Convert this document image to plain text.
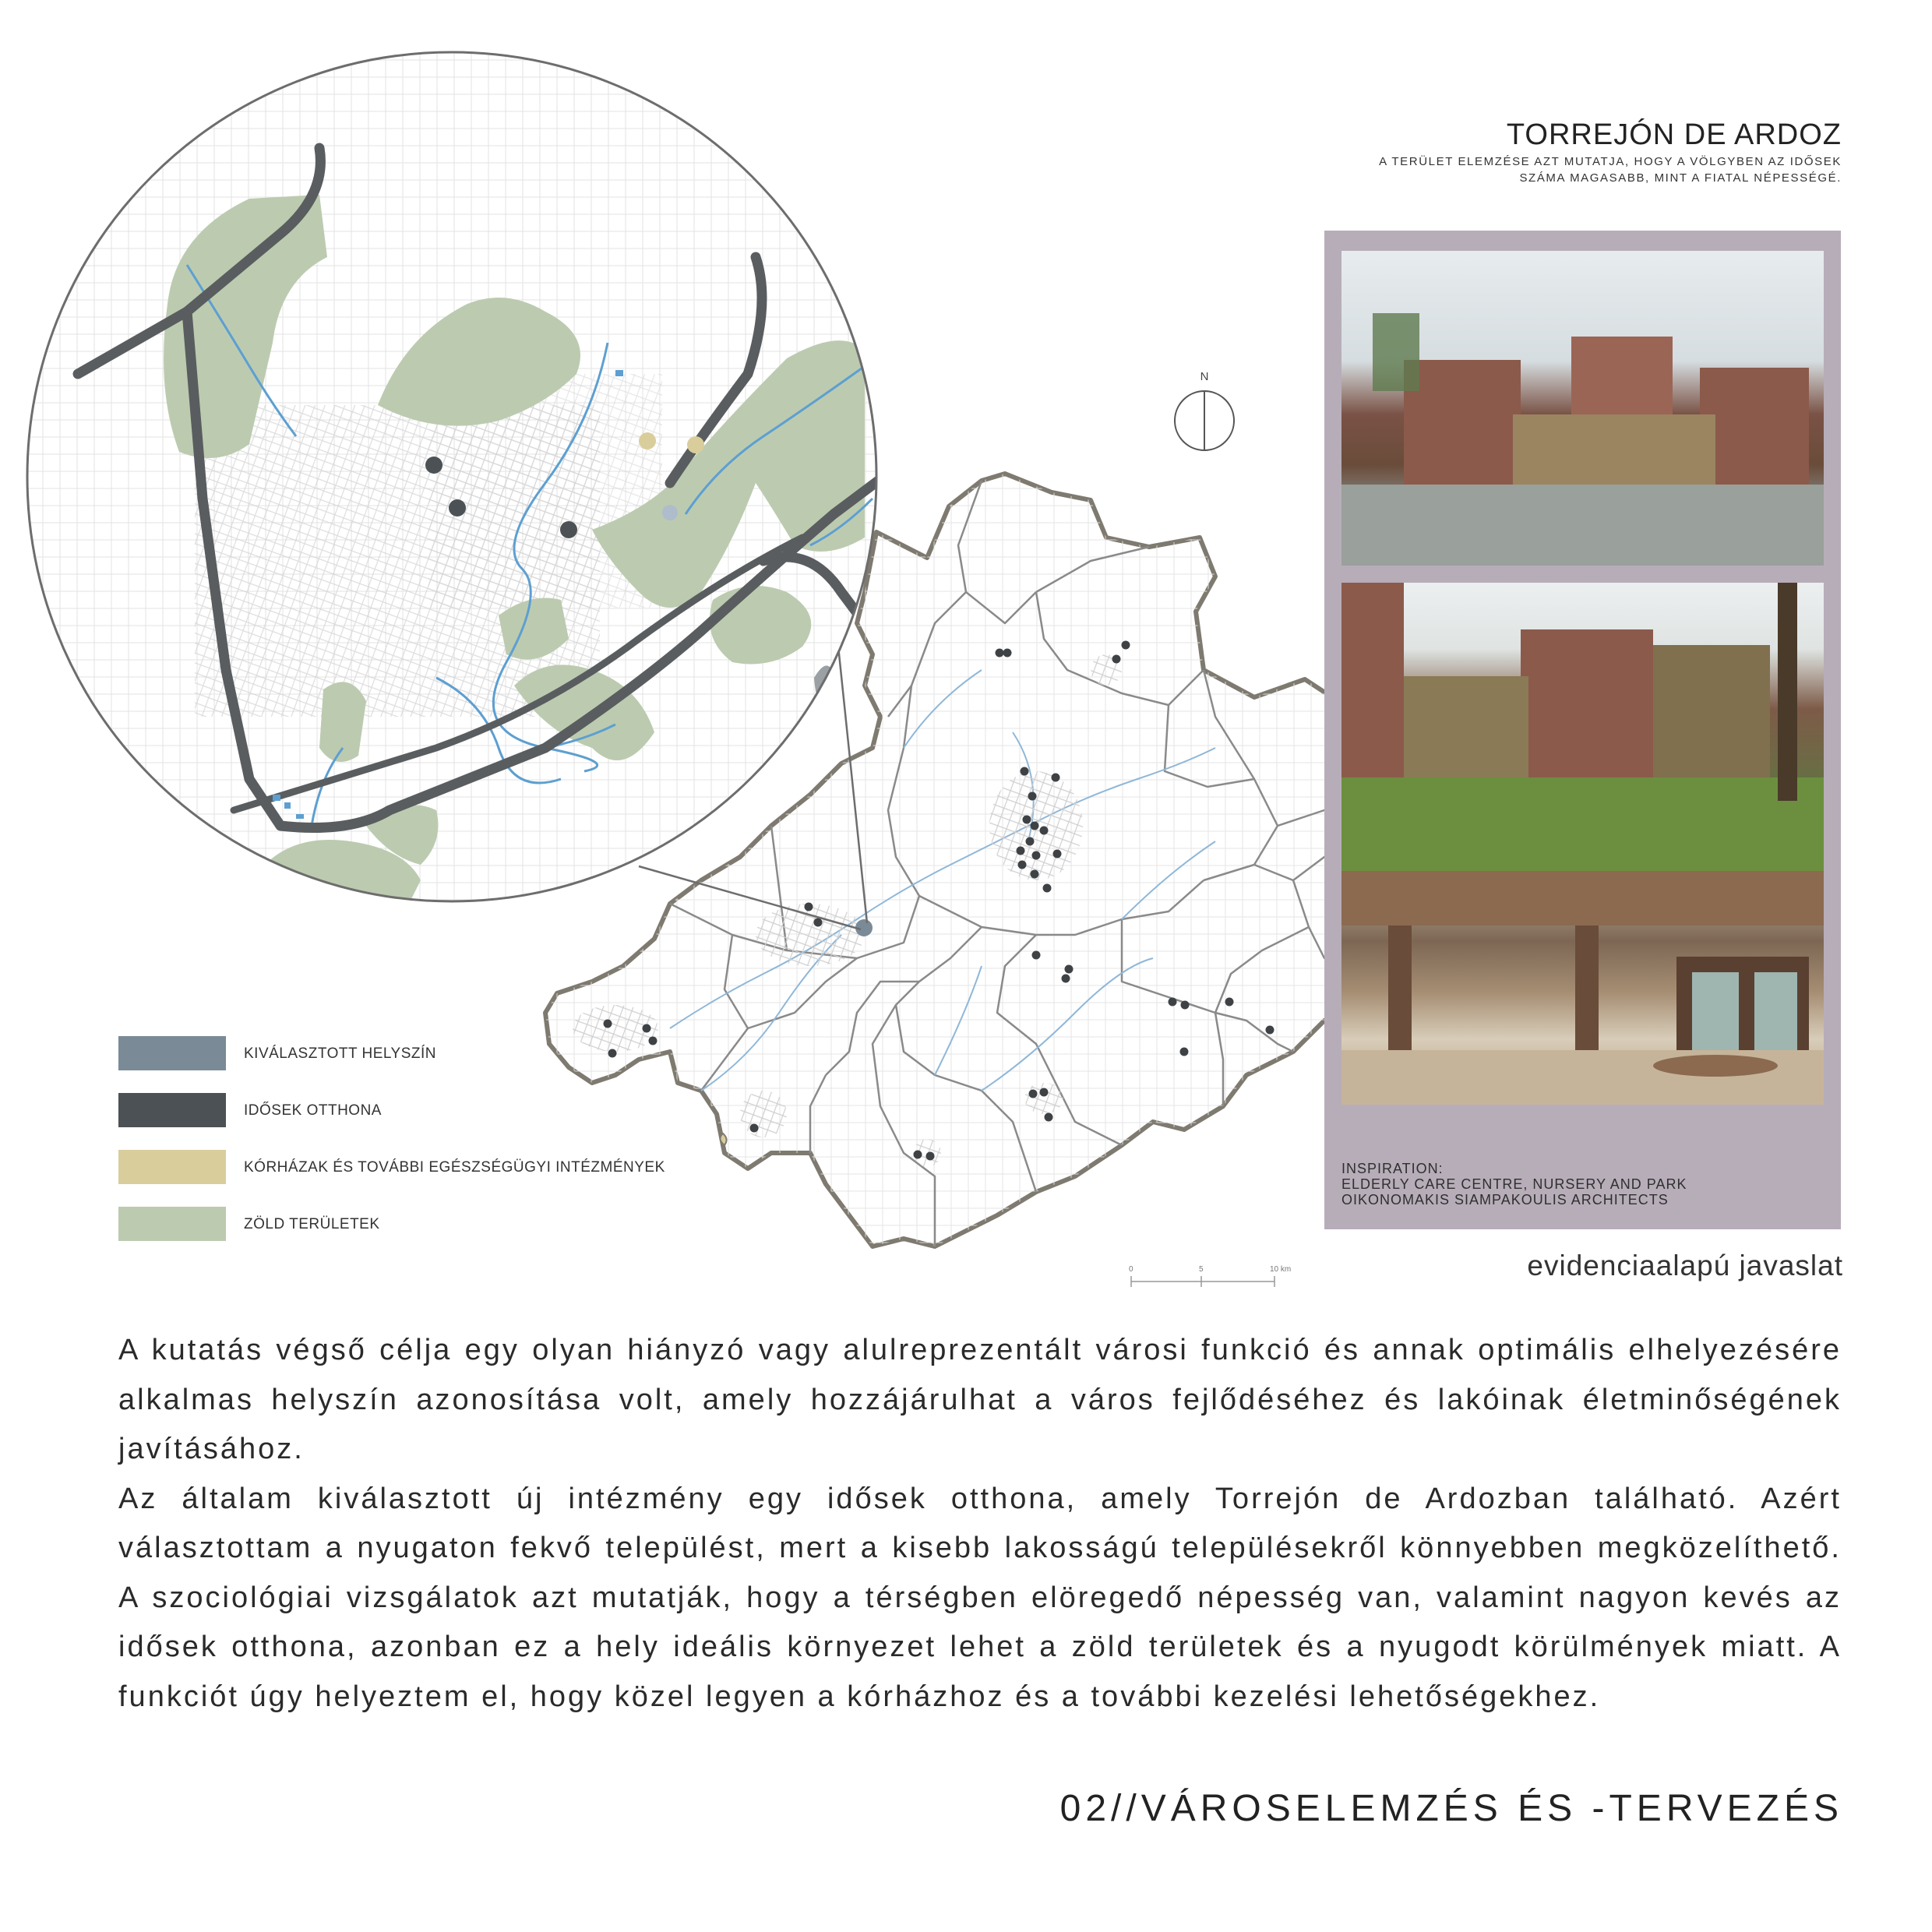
N
0	5	10 km
TORREJÓN DE ARDOZ
A TERÜLET ELEMZÉSE AZT MUTATJA, HOGY A VÖLGYBEN AZ IDŐSEK
SZÁMA MAGASABB, MINT A FIATAL NÉPESSÉGÉ.
INSPIRATION:
ELDERLY CARE CENTRE, NURSERY AND PARK
OIKONOMAKIS SIAMPAKOULIS ARCHITECTS
KIVÁLASZTOTT HELYSZÍN
IDŐSEK OTTHONA
KÓRHÁZAK ÉS TOVÁBBI EGÉSZSÉGÜGYI INTÉZMÉNYEK
ZÖLD TERÜLETEK
evidenciaalapú javaslat

A kutatás végső célja egy olyan hiányzó vagy alulreprezentált városi funkció és annak optimális elhelyezésére alkalmas helyszín azonosítása volt, amely hozzájárulhat a város fejlődéséhez és lakóinak életminőségének javításához.

Az általam kiválasztott új intézmény egy idősek otthona, amely Torrejón de Ardozban található. Azért választottam a nyugaton fekvő települést, mert a kisebb lakosságú településekről könnyebben megközelíthető. A szociológiai vizsgálatok azt mutatják, hogy a térségben elöregedő népesség van, valamint nagyon kevés az idősek otthona, azonban ez a hely ideális környezet lehet a zöld területek és a nyugodt körülmények miatt. A funkciót úgy helyeztem el, hogy közel legyen a kórházhoz és a további kezelési lehetőségekhez.

02//VÁROSELEMZÉS ÉS -TERVEZÉS
